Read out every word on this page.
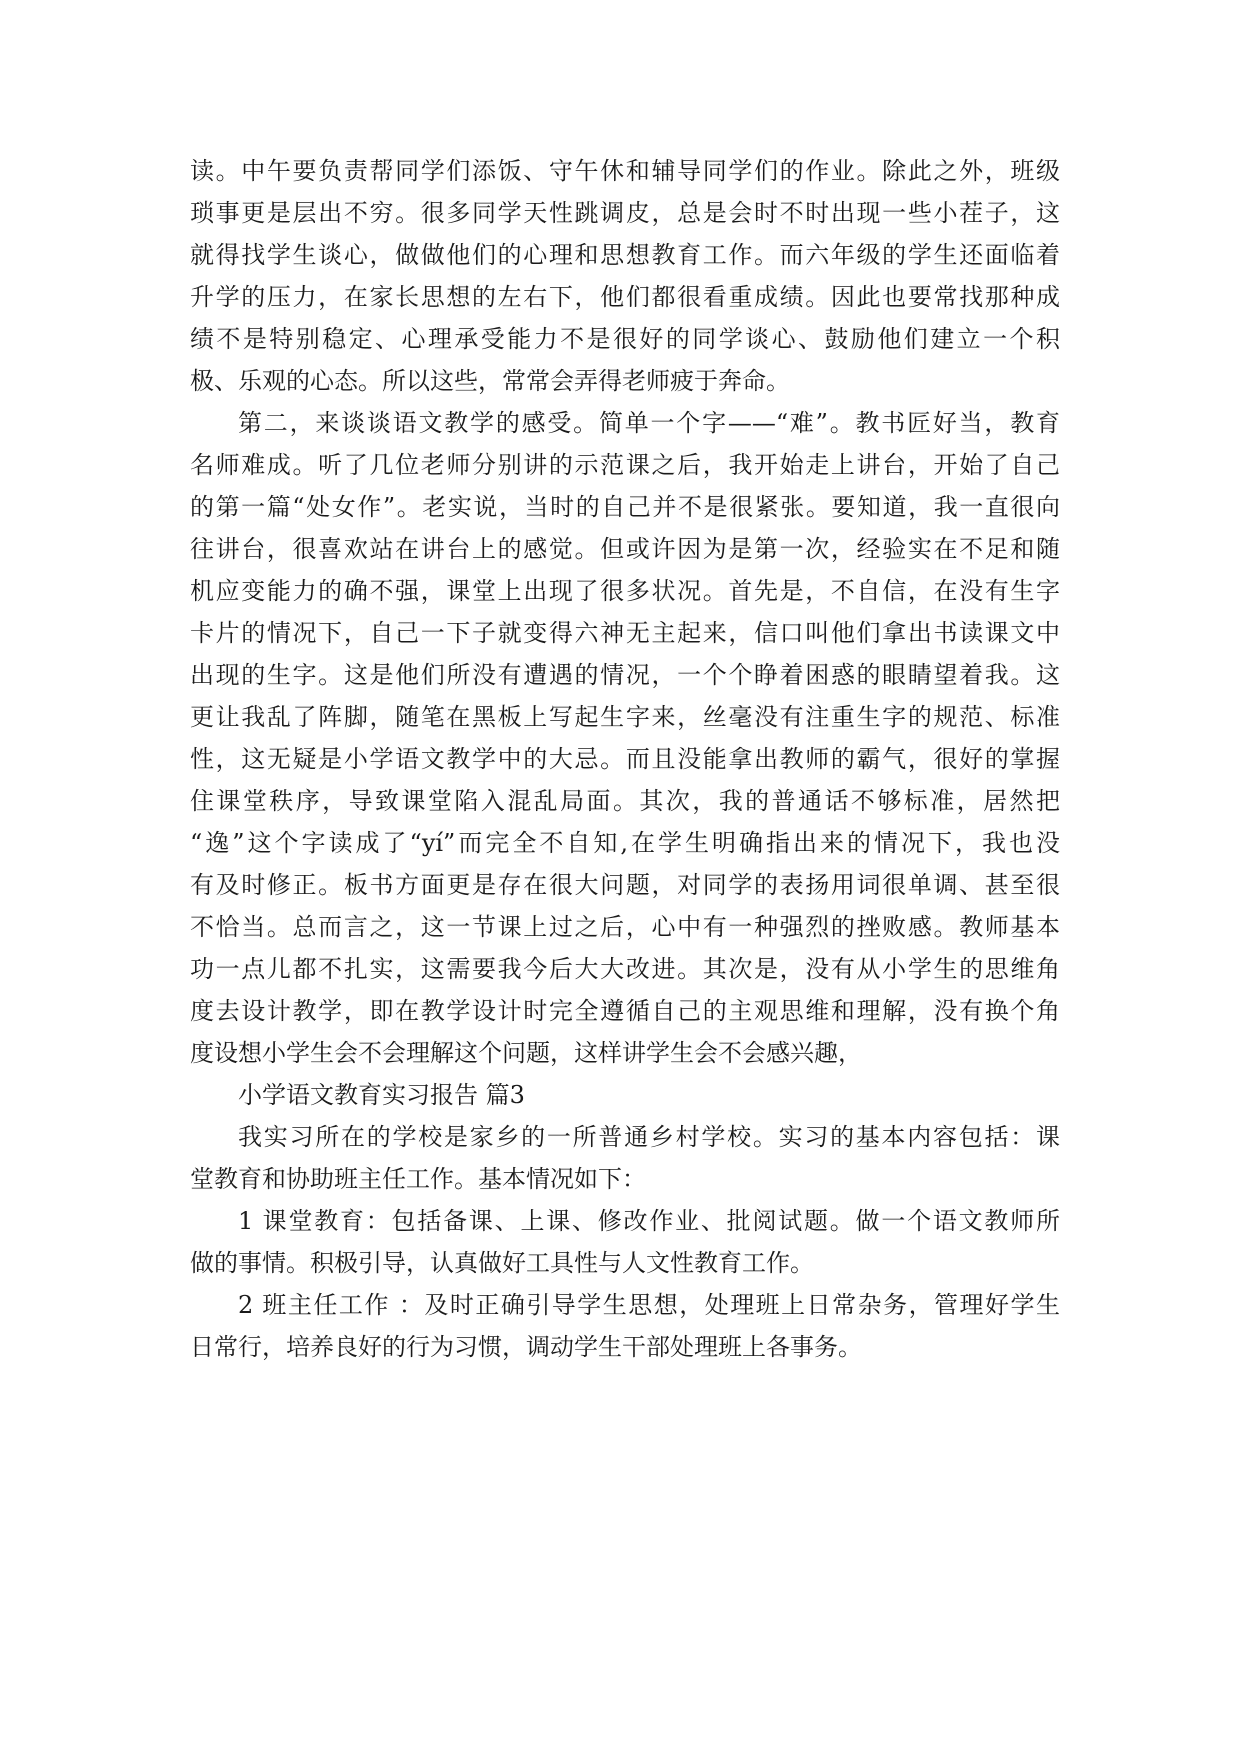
读。中午要负责帮同学们添饭、守午休和辅导同学们的作业。除此之外，班级
琐事更是层出不穷。很多同学天性跳调皮，总是会时不时出现一些小茬子，这
就得找学生谈心，做做他们的心理和思想教育工作。而六年级的学生还面临着
升学的压力，在家长思想的左右下，他们都很看重成绩。因此也要常找那种成
绩不是特别稳定、心理承受能力不是很好的同学谈心、鼓励他们建立一个积
极、乐观的心态。所以这些，常常会弄得老师疲于奔命。
第二，来谈谈语文教学的感受。简单一个字——“难”。教书匠好当，教育
名师难成。听了几位老师分别讲的示范课之后，我开始走上讲台，开始了自己
的第一篇“处女作”。老实说，当时的自己并不是很紧张。要知道，我一直很向
往讲台，很喜欢站在讲台上的感觉。但或许因为是第一次，经验实在不足和随
机应变能力的确不强，课堂上出现了很多状况。首先是，不自信，在没有生字
卡片的情况下，自己一下子就变得六神无主起来，信口叫他们拿出书读课文中
出现的生字。这是他们所没有遭遇的情况，一个个睁着困惑的眼睛望着我。这
更让我乱了阵脚，随笔在黑板上写起生字来，丝毫没有注重生字的规范、标准
性，这无疑是小学语文教学中的大忌。而且没能拿出教师的霸气，很好的掌握
住课堂秩序，导致课堂陷入混乱局面。其次，我的普通话不够标准，居然把
“逸”这个字读成了“yí”而完全不自知,在学生明确指出来的情况下，我也没
有及时修正。板书方面更是存在很大问题，对同学的表扬用词很单调、甚至很
不恰当。总而言之，这一节课上过之后，心中有一种强烈的挫败感。教师基本
功一点儿都不扎实，这需要我今后大大改进。其次是，没有从小学生的思维角
度去设计教学，即在教学设计时完全遵循自己的主观思维和理解，没有换个角
度设想小学生会不会理解这个问题，这样讲学生会不会感兴趣，
小学语文教育实习报告 篇3
我实习所在的学校是家乡的一所普通乡村学校。实习的基本内容包括：课
堂教育和协助班主任工作。基本情况如下：
1 课堂教育：包括备课、上课、修改作业、批阅试题。做一个语文教师所
做的事情。积极引导，认真做好工具性与人文性教育工作。
2 班主任工作 ：及时正确引导学生思想，处理班上日常杂务，管理好学生
日常行，培养良好的行为习惯，调动学生干部处理班上各事务。
